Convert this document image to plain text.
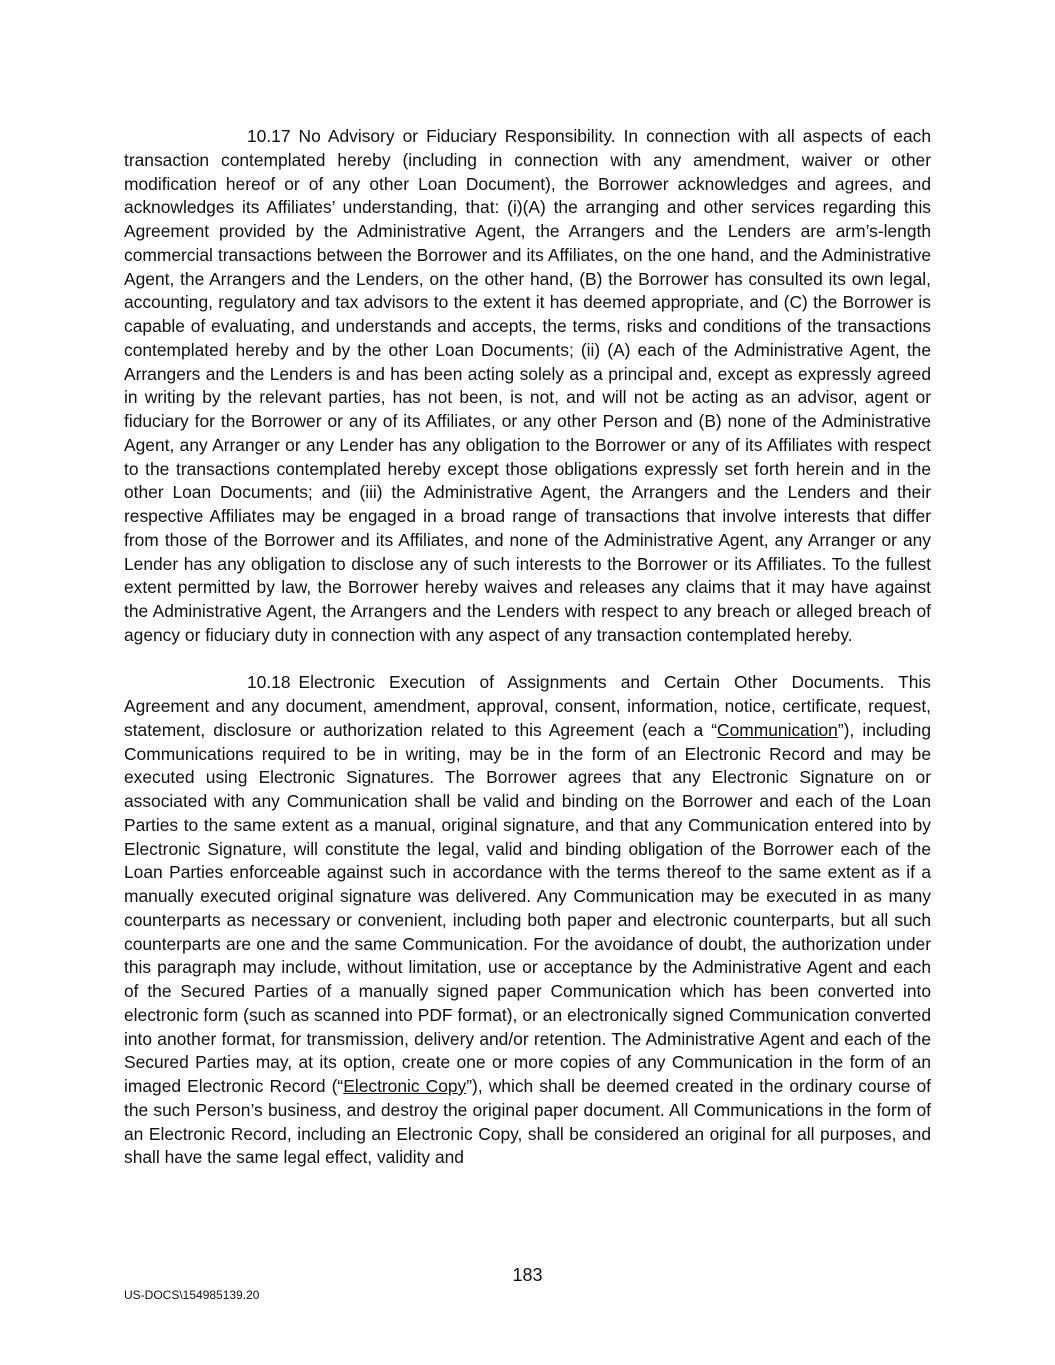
10.17 No Advisory or Fiduciary Responsibility. In connection with all aspects of each transaction contemplated hereby (including in connection with any amendment, waiver or other modification hereof or of any other Loan Document), the Borrower acknowledges and agrees, and acknowledges its Affiliates’ understanding, that: (i)(A) the arranging and other services regarding this Agreement provided by the Administrative Agent, the Arrangers and the Lenders are arm’s-length commercial transactions between the Borrower and its Affiliates, on the one hand, and the Administrative Agent, the Arrangers and the Lenders, on the other hand, (B) the Borrower has consulted its own legal, accounting, regulatory and tax advisors to the extent it has deemed appropriate, and (C) the Borrower is capable of evaluating, and understands and accepts, the terms, risks and conditions of the transactions contemplated hereby and by the other Loan Documents; (ii) (A) each of the Administrative Agent, the Arrangers and the Lenders is and has been acting solely as a principal and, except as expressly agreed in writing by the relevant parties, has not been, is not, and will not be acting as an advisor, agent or fiduciary for the Borrower or any of its Affiliates, or any other Person and (B) none of the Administrative Agent, any Arranger or any Lender has any obligation to the Borrower or any of its Affiliates with respect to the transactions contemplated hereby except those obligations expressly set forth herein and in the other Loan Documents; and (iii) the Administrative Agent, the Arrangers and the Lenders and their respective Affiliates may be engaged in a broad range of transactions that involve interests that differ from those of the Borrower and its Affiliates, and none of the Administrative Agent, any Arranger or any Lender has any obligation to disclose any of such interests to the Borrower or its Affiliates. To the fullest extent permitted by law, the Borrower hereby waives and releases any claims that it may have against the Administrative Agent, the Arrangers and the Lenders with respect to any breach or alleged breach of agency or fiduciary duty in connection with any aspect of any transaction contemplated hereby.

10.18 Electronic Execution of Assignments and Certain Other Documents. This Agreement and any document, amendment, approval, consent, information, notice, certificate, request, statement, disclosure or authorization related to this Agreement (each a “Communication”), including Communications required to be in writing, may be in the form of an Electronic Record and may be executed using Electronic Signatures. The Borrower agrees that any Electronic Signature on or associated with any Communication shall be valid and binding on the Borrower and each of the Loan Parties to the same extent as a manual, original signature, and that any Communication entered into by Electronic Signature, will constitute the legal, valid and binding obligation of the Borrower each of the Loan Parties enforceable against such in accordance with the terms thereof to the same extent as if a manually executed original signature was delivered. Any Communication may be executed in as many counterparts as necessary or convenient, including both paper and electronic counterparts, but all such counterparts are one and the same Communication. For the avoidance of doubt, the authorization under this paragraph may include, without limitation, use or acceptance by the Administrative Agent and each of the Secured Parties of a manually signed paper Communication which has been converted into electronic form (such as scanned into PDF format), or an electronically signed Communication converted into another format, for transmission, delivery and/or retention. The Administrative Agent and each of the Secured Parties may, at its option, create one or more copies of any Communication in the form of an imaged Electronic Record (“Electronic Copy”), which shall be deemed created in the ordinary course of the such Person’s business, and destroy the original paper document. All Communications in the form of an Electronic Record, including an Electronic Copy, shall be considered an original for all purposes, and shall have the same legal effect, validity and

183
US-DOCS\154985139.20
